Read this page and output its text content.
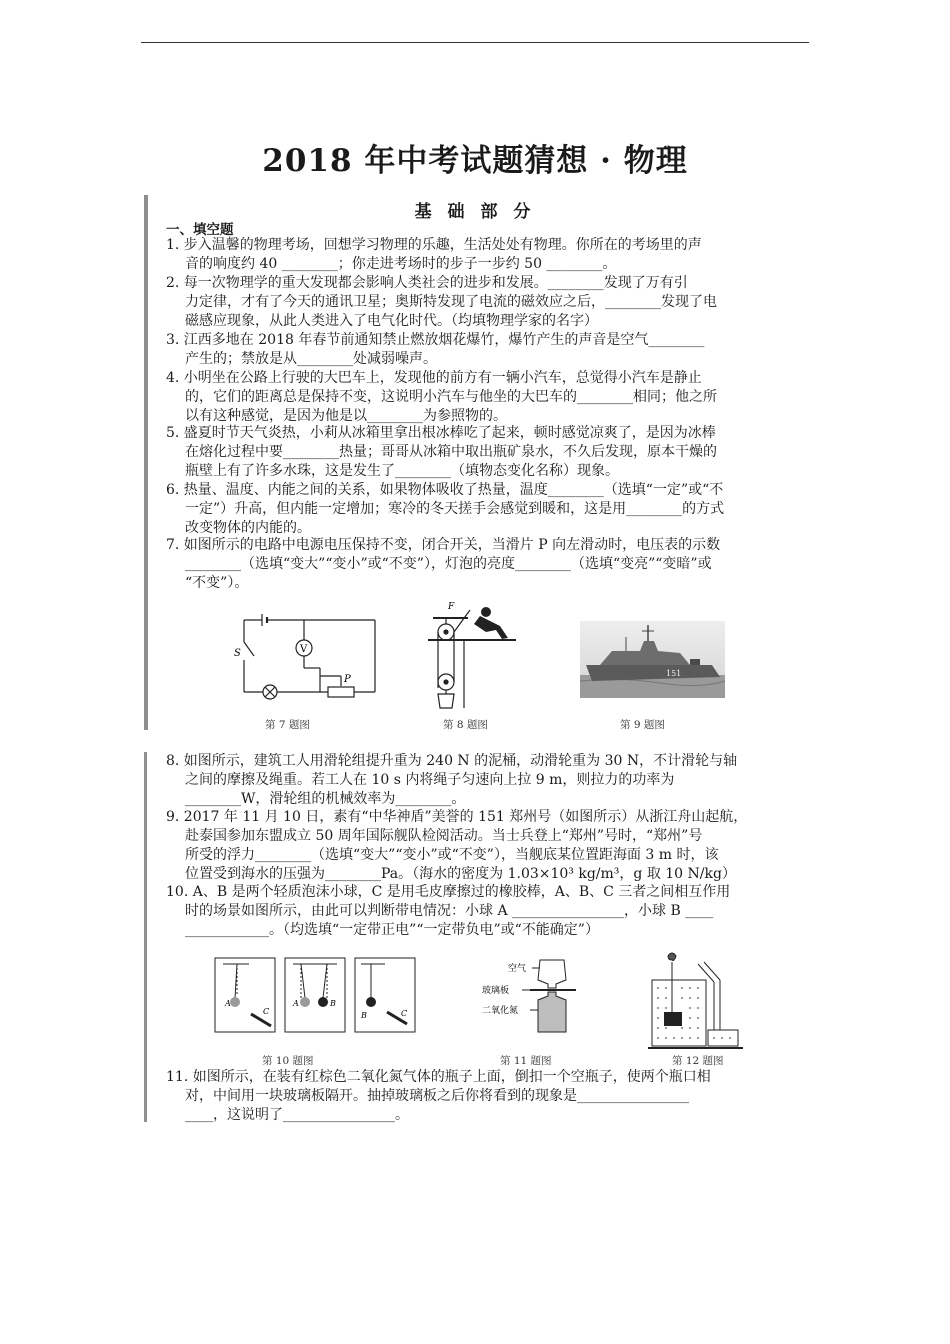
2018 年中考试题猜想 · 物理
基 础 部 分
一、填空题
1. 步入温馨的物理考场，回想学习物理的乐趣，生活处处有物理。你所在的考场里的声
音的响度约 40 ________；你走进考场时的步子一步约 50 ________。
2. 每一次物理学的重大发现都会影响人类社会的进步和发展。________发现了万有引
力定律，才有了今天的通讯卫星；奥斯特发现了电流的磁效应之后，________发现了电
磁感应现象，从此人类进入了电气化时代。（均填物理学家的名字）
3. 江西多地在 2018 年春节前通知禁止燃放烟花爆竹，爆竹产生的声音是空气________
产生的；禁放是从________处减弱噪声。
4. 小明坐在公路上行驶的大巴车上，发现他的前方有一辆小汽车，总觉得小汽车是静止
的，它们的距离总是保持不变，这说明小汽车与他坐的大巴车的________相同；他之所
以有这种感觉，是因为他是以________为参照物的。
5. 盛夏时节天气炎热，小莉从冰箱里拿出根冰棒吃了起来，顿时感觉凉爽了，是因为冰棒
在熔化过程中要________热量；哥哥从冰箱中取出瓶矿泉水，不久后发现，原本干燥的
瓶壁上有了许多水珠，这是发生了________（填物态变化名称）现象。
6. 热量、温度、内能之间的关系，如果物体吸收了热量，温度________（选填“一定”或“不
一定”）升高，但内能一定增加；寒冷的冬天搓手会感觉到暖和，这是用________的方式
改变物体的内能的。
7. 如图所示的电路中电源电压保持不变，闭合开关，当滑片 P 向左滑动时，电压表的示数
________（选填“变大”“变小”或“不变”），灯泡的亮度________（选填“变亮”“变暗”或
“不变”）。
S	V
P
第 7 题图
F
第 8 题图
151
第 9 题图
8. 如图所示，建筑工人用滑轮组提升重为 240 N 的泥桶，动滑轮重为 30 N，不计滑轮与轴
之间的摩擦及绳重。若工人在 10 s 内将绳子匀速向上拉 9 m，则拉力的功率为
________W，滑轮组的机械效率为________。
9. 2017 年 11 月 10 日，素有“中华神盾”美誉的 151 郑州号（如图所示）从浙江舟山起航，
赴泰国参加东盟成立 50 周年国际舰队检阅活动。当士兵登上“郑州”号时，“郑州”号
所受的浮力________（选填“变大”“变小”或“不变”），当舰底某位置距海面 3 m 时，该
位置受到海水的压强为________Pa。（海水的密度为 1.03×10³ kg/m³，g 取 10 N/kg）
10. A、B 是两个轻质泡沫小球，C 是用毛皮摩擦过的橡胶棒，A、B、C 三者之间相互作用
时的场景如图所示，由此可以判断带电情况：小球 A ________________，小球 B ____
____________。（均选填“一定带正电”“一定带负电”或“不能确定”）
A
C
A	B
B	C
第 10 题图
空气
玻璃板
二氧化氮
第 11 题图	第 12 题图
11. 如图所示，在装有红棕色二氧化氮气体的瓶子上面，倒扣一个空瓶子，使两个瓶口相
对，中间用一块玻璃板隔开。抽掉玻璃板之后你将看到的现象是________________
____，这说明了________________。
